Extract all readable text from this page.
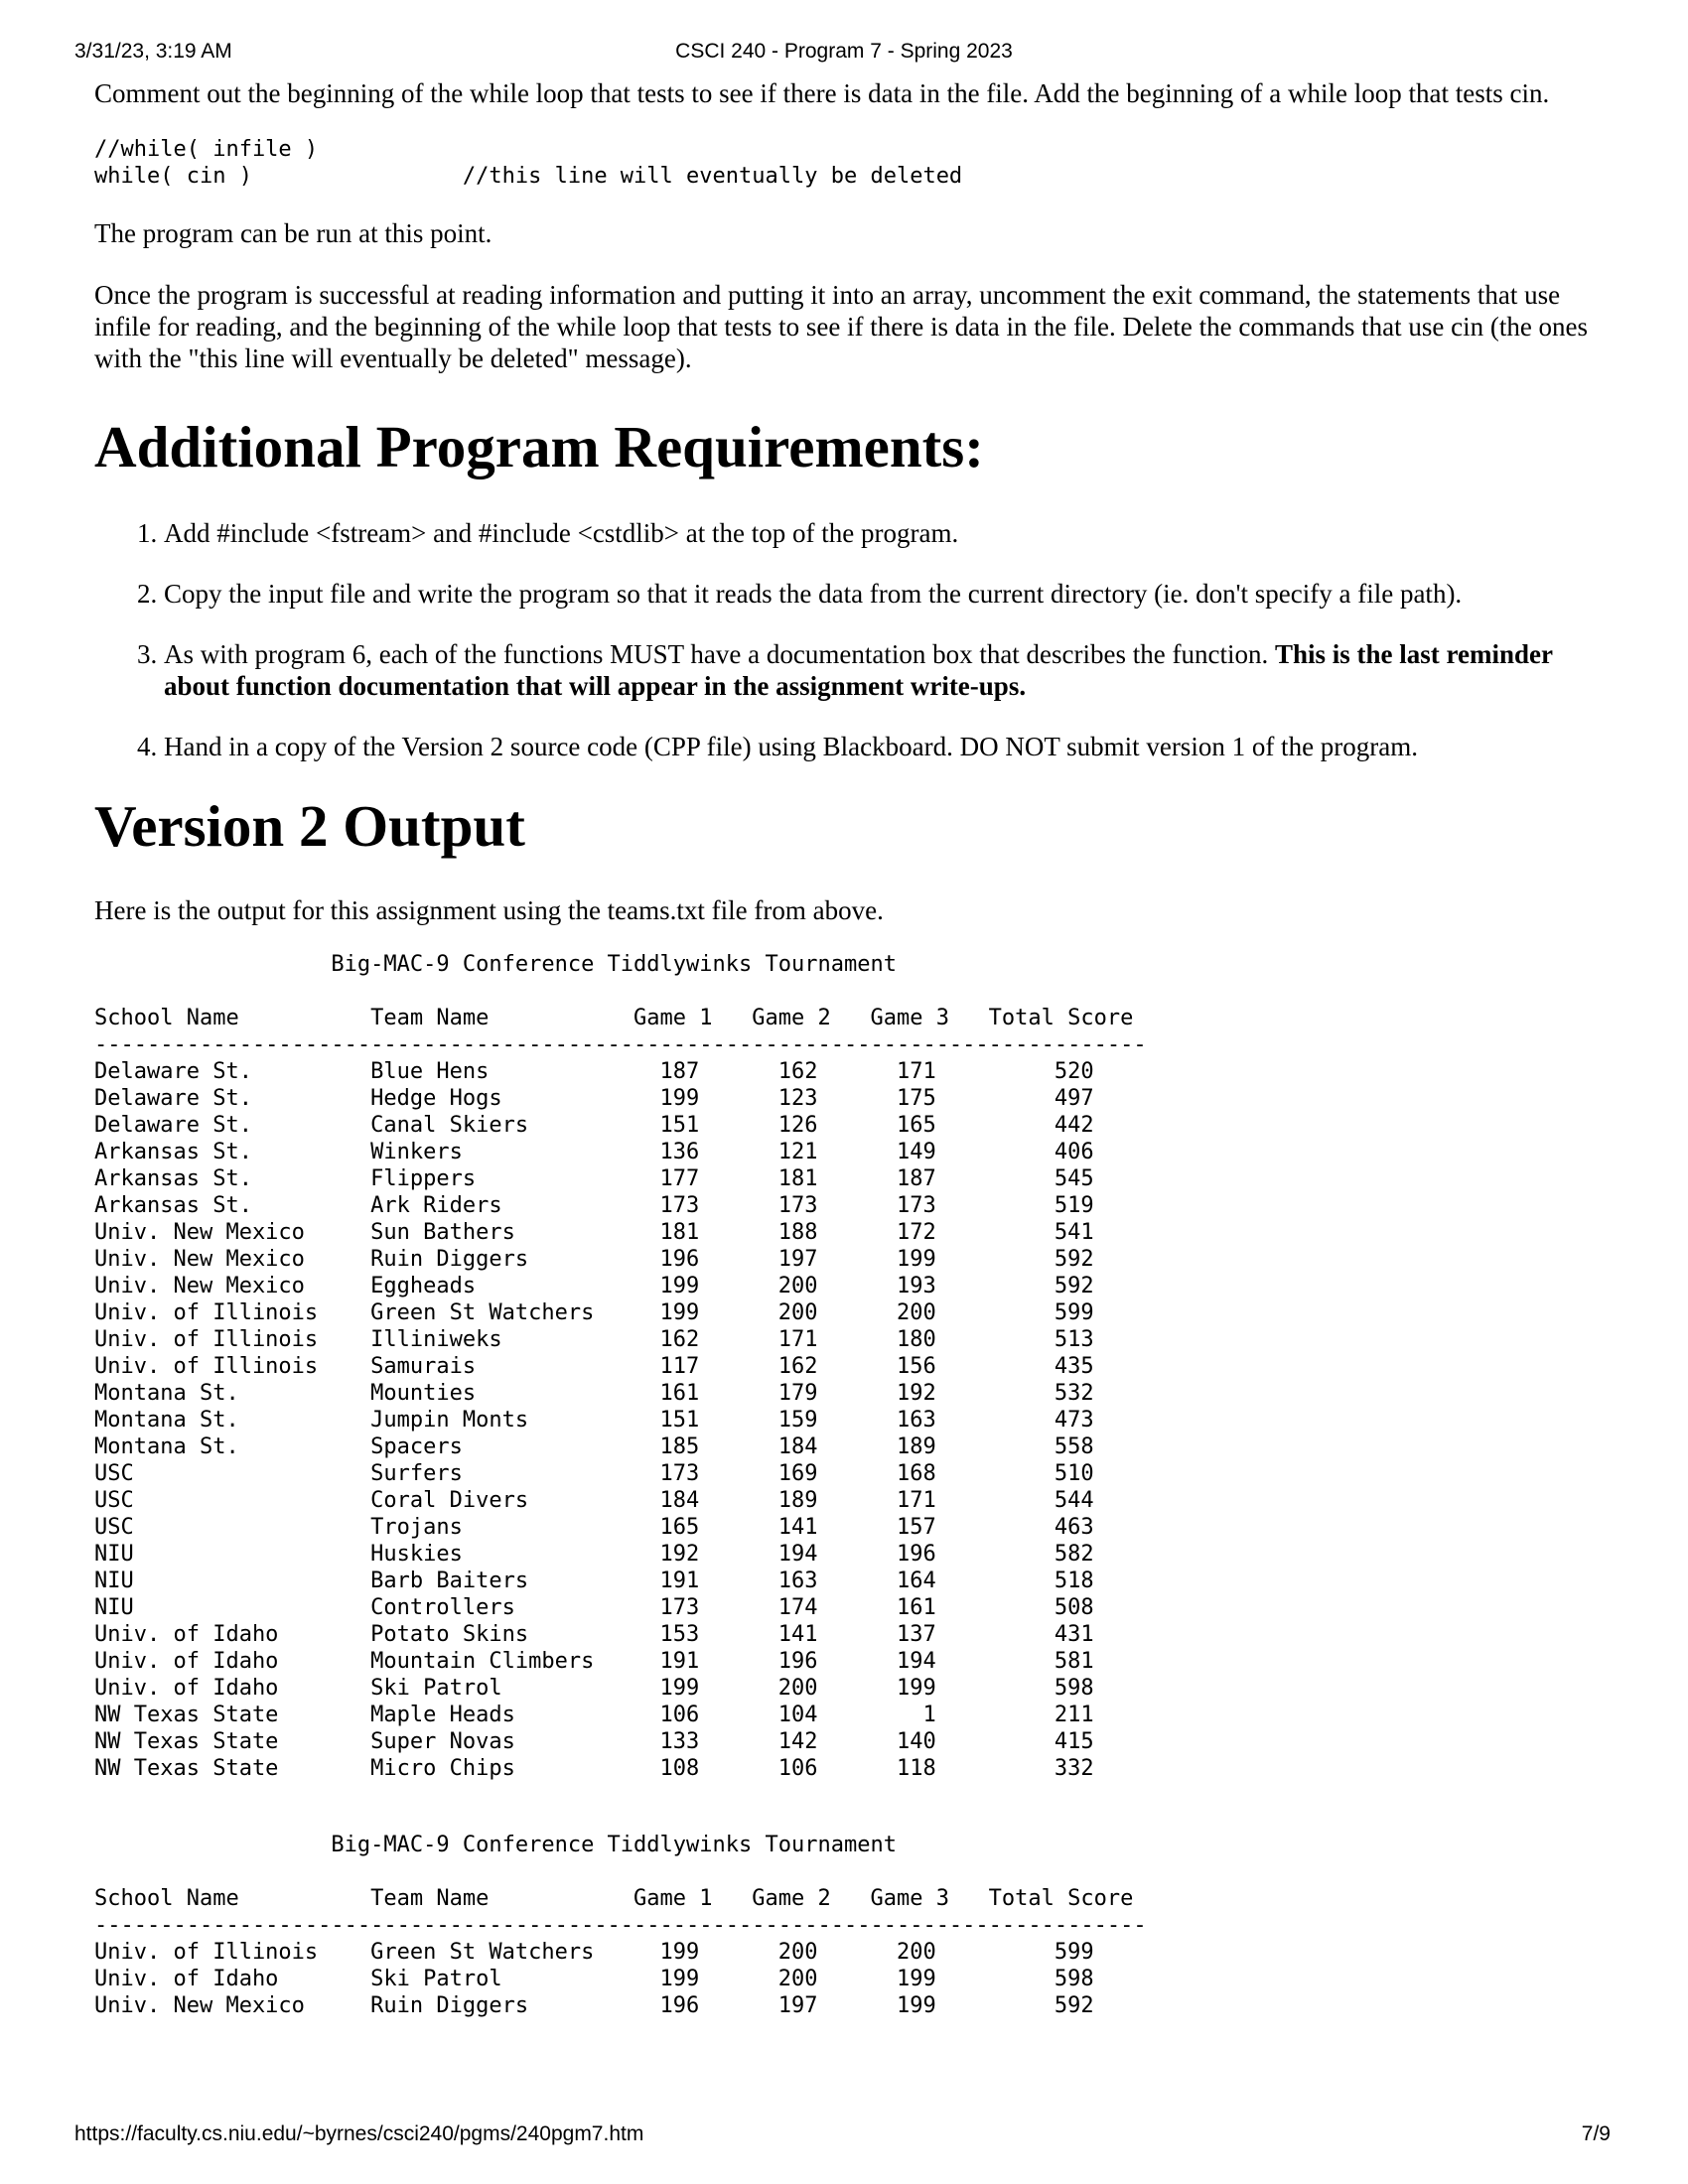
3/31/23, 3:19 AM	CSCI 240 - Program 7 - Spring 2023

Comment out the beginning of the while loop that tests to see if there is data in the file. Add the beginning of a while loop that tests cin.

//while( infile )
while( cin )                //this line will eventually be deleted

The program can be run at this point.

Once the program is successful at reading information and putting it into an array, uncomment the exit command, the statements that use infile for reading, and the beginning of the while loop that tests to see if there is data in the file. Delete the commands that use cin (the ones with the "this line will eventually be deleted" message).

Additional Program Requirements:
1. Add #include <fstream> and #include <cstdlib> at the top of the program.
2. Copy the input file and write the program so that it reads the data from the current directory (ie. don't specify a file path).
3. As with program 6, each of the functions MUST have a documentation box that describes the function. This is the last reminder about function documentation that will appear in the assignment write-ups.
4. Hand in a copy of the Version 2 source code (CPP file) using Blackboard. DO NOT submit version 1 of the program.
Version 2 Output

Here is the output for this assignment using the teams.txt file from above.

Big-MAC-9 Conference Tiddlywinks Tournament

School Name          Team Name           Game 1   Game 2   Game 3   Total Score
--------------------------------------------------------------------------------
Delaware St.         Blue Hens             187      162      171         520
Delaware St.         Hedge Hogs            199      123      175         497
Delaware St.         Canal Skiers          151      126      165         442
Arkansas St.         Winkers               136      121      149         406
Arkansas St.         Flippers              177      181      187         545
Arkansas St.         Ark Riders            173      173      173         519
Univ. New Mexico     Sun Bathers           181      188      172         541
Univ. New Mexico     Ruin Diggers          196      197      199         592
Univ. New Mexico     Eggheads              199      200      193         592
Univ. of Illinois    Green St Watchers     199      200      200         599
Univ. of Illinois    Illiniweks            162      171      180         513
Univ. of Illinois    Samurais              117      162      156         435
Montana St.          Mounties              161      179      192         532
Montana St.          Jumpin Monts          151      159      163         473
Montana St.          Spacers               185      184      189         558
USC                  Surfers               173      169      168         510
USC                  Coral Divers          184      189      171         544
USC                  Trojans               165      141      157         463
NIU                  Huskies               192      194      196         582
NIU                  Barb Baiters          191      163      164         518
NIU                  Controllers           173      174      161         508
Univ. of Idaho       Potato Skins          153      141      137         431
Univ. of Idaho       Mountain Climbers     191      196      194         581
Univ. of Idaho       Ski Patrol            199      200      199         598
NW Texas State       Maple Heads           106      104        1         211
NW Texas State       Super Novas           133      142      140         415
NW Texas State       Micro Chips           108      106      118         332
Big-MAC-9 Conference Tiddlywinks Tournament

School Name          Team Name           Game 1   Game 2   Game 3   Total Score
--------------------------------------------------------------------------------
Univ. of Illinois    Green St Watchers     199      200      200         599
Univ. of Idaho       Ski Patrol            199      200      199         598
Univ. New Mexico     Ruin Diggers          196      197      199         592
https://faculty.cs.niu.edu/~byrnes/csci240/pgms/240pgm7.htm	7/9
